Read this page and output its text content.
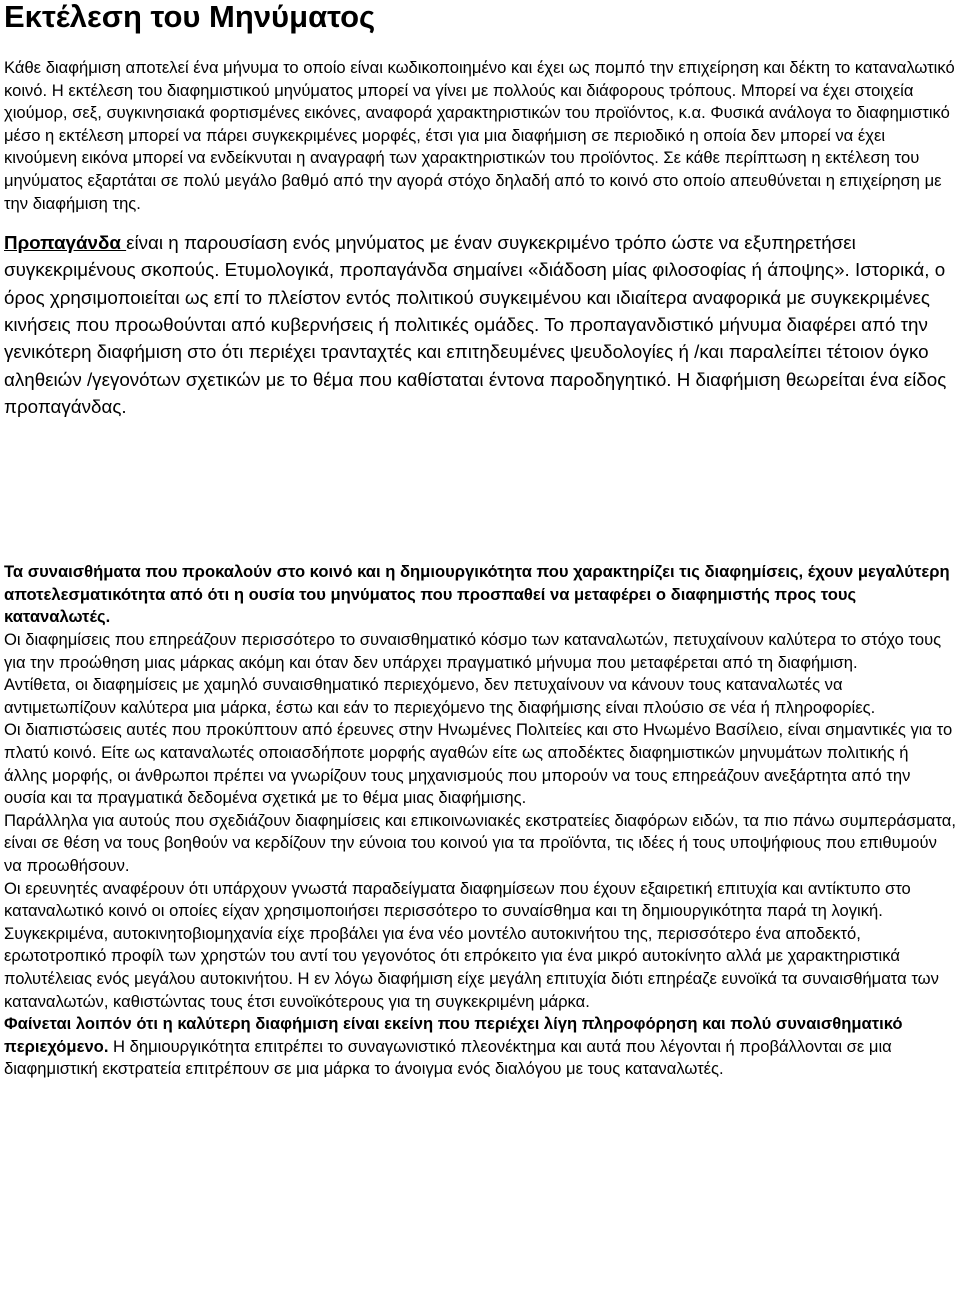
Εκτέλεση του Μηνύματος

Κάθε διαφήμιση αποτελεί ένα μήνυμα το οποίο είναι κωδικοποιημένο και έχει ως πομπό την επιχείρηση και δέκτη το καταναλωτικό κοινό. Η εκτέλεση του διαφημιστικού μηνύματος μπορεί να γίνει με πολλούς και διάφορους τρόπους. Μπορεί να έχει στοιχεία χιούμορ, σεξ, συγκινησιακά φορτισμένες εικόνες, αναφορά χαρακτηριστικών του προϊόντος, κ.α. Φυσικά ανάλογα το διαφημιστικό μέσο η εκτέλεση μπορεί να πάρει συγκεκριμένες μορφές, έτσι για μια διαφήμιση σε περιοδικό η οποία δεν μπορεί να έχει κινούμενη εικόνα μπορεί να ενδείκνυται η αναγραφή των χαρακτηριστικών του προϊόντος. Σε κάθε περίπτωση η εκτέλεση του μηνύματος εξαρτάται σε πολύ μεγάλο βαθμό από την αγορά στόχο δηλαδή από το κοινό στο οποίο απευθύνεται η επιχείρηση με την διαφήμιση της.

Προπαγάνδα είναι η παρουσίαση ενός μηνύματος με έναν συγκεκριμένο τρόπο ώστε να εξυπηρετήσει συγκεκριμένους σκοπούς. Ετυμολογικά, προπαγάνδα σημαίνει «διάδοση μίας φιλοσοφίας ή άποψης». Ιστορικά, ο όρος χρησιμοποιείται ως επί το πλείστον εντός πολιτικού συγκειμένου και ιδιαίτερα αναφορικά με συγκεκριμένες κινήσεις που προωθούνται από κυβερνήσεις ή πολιτικές ομάδες. Το προπαγανδιστικό μήνυμα διαφέρει από την γενικότερη διαφήμιση στο ότι περιέχει τρανταχτές και επιτηδευμένες ψευδολογίες ή /και παραλείπει τέτοιον όγκο αληθειών /γεγονότων σχετικών με το θέμα που καθίσταται έντονα παροδηγητικό. Η διαφήμιση θεωρείται ένα είδος προπαγάνδας.

Τα συναισθήματα που προκαλούν στο κοινό και η δημιουργικότητα που χαρακτηρίζει τις διαφημίσεις, έχουν μεγαλύτερη αποτελεσματικότητα από ότι η ουσία του μηνύματος που προσπαθεί να μεταφέρει ο διαφημιστής προς τους καταναλωτές.

Οι διαφημίσεις που επηρεάζουν περισσότερο το συναισθηματικό κόσμο των καταναλωτών, πετυχαίνουν καλύτερα το στόχο τους για την προώθηση μιας μάρκας ακόμη και όταν δεν υπάρχει πραγματικό μήνυμα που μεταφέρεται από τη διαφήμιση.

Αντίθετα, οι διαφημίσεις με χαμηλό συναισθηματικό περιεχόμενο, δεν πετυχαίνουν να κάνουν τους καταναλωτές να αντιμετωπίζουν καλύτερα μια μάρκα, έστω και εάν το περιεχόμενο της διαφήμισης είναι πλούσιο σε νέα ή πληροφορίες.

Οι διαπιστώσεις αυτές που προκύπτουν από έρευνες στην Ηνωμένες Πολιτείες και στο Ηνωμένο Βασίλειο, είναι σημαντικές για το πλατύ κοινό. Είτε ως καταναλωτές οποιασδήποτε μορφής αγαθών είτε ως αποδέκτες διαφημιστικών μηνυμάτων πολιτικής ή άλλης μορφής, οι άνθρωποι πρέπει να γνωρίζουν τους μηχανισμούς που μπορούν να τους επηρεάζουν ανεξάρτητα από την ουσία και τα πραγματικά δεδομένα σχετικά με το θέμα μιας διαφήμισης.

Παράλληλα για αυτούς που σχεδιάζουν διαφημίσεις και επικοινωνιακές εκστρατείες διαφόρων ειδών, τα πιο πάνω συμπεράσματα, είναι σε θέση να τους βοηθούν να κερδίζουν την εύνοια του κοινού για τα προϊόντα, τις ιδέες ή τους υποψήφιους που επιθυμούν να προωθήσουν.

Οι ερευνητές αναφέρουν ότι υπάρχουν γνωστά παραδείγματα διαφημίσεων που έχουν εξαιρετική επιτυχία και αντίκτυπο στο καταναλωτικό κοινό οι οποίες είχαν χρησιμοποιήσει περισσότερο το συναίσθημα και τη δημιουργικότητα παρά τη λογική.

Συγκεκριμένα, αυτοκινητοβιομηχανία είχε προβάλει για ένα νέο μοντέλο αυτοκινήτου της, περισσότερο ένα αποδεκτό, ερωτοτροπικό προφίλ των χρηστών του αντί του γεγονότος ότι επρόκειτο για ένα μικρό αυτοκίνητο αλλά με χαρακτηριστικά πολυτέλειας ενός μεγάλου αυτοκινήτου. Η εν λόγω διαφήμιση είχε μεγάλη επιτυχία διότι επηρέαζε ευνοϊκά τα συναισθήματα των καταναλωτών, καθιστώντας τους έτσι ευνοϊκότερους για τη συγκεκριμένη μάρκα.

Φαίνεται λοιπόν ότι η καλύτερη διαφήμιση είναι εκείνη που περιέχει λίγη πληροφόρηση και πολύ συναισθηματικό περιεχόμενο. Η δημιουργικότητα επιτρέπει το συναγωνιστικό πλεονέκτημα και αυτά που λέγονται ή προβάλλονται σε μια διαφημιστική εκστρατεία επιτρέπουν σε μια μάρκα το άνοιγμα ενός διαλόγου με τους καταναλωτές.
